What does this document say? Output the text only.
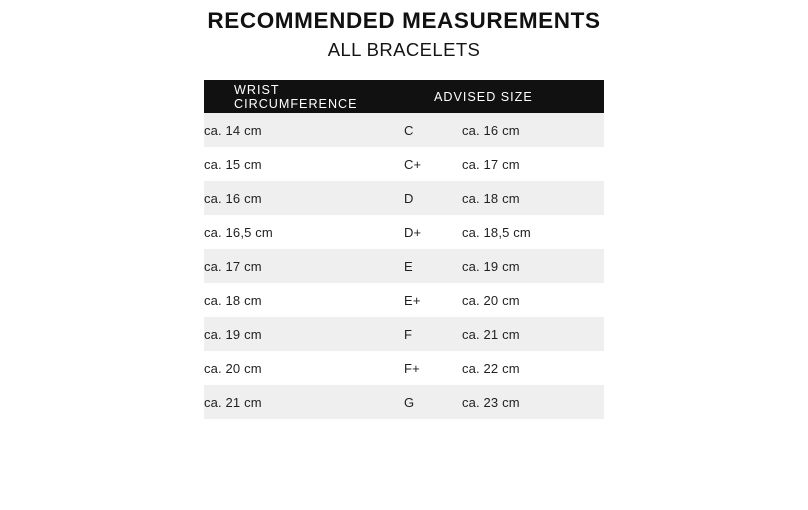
RECOMMENDED MEASUREMENTS
ALL BRACELETS
WRIST CIRCUMFERENCE	ADVISED SIZE	

ca. 14 cm	C	ca. 16 cm
ca. 15 cm	C+	ca. 17 cm
ca. 16 cm	D	ca. 18 cm
ca. 16,5 cm	D+	ca. 18,5 cm
ca. 17 cm	E	ca. 19 cm
ca. 18 cm	E+	ca. 20 cm
ca. 19 cm	F	ca. 21 cm
ca. 20 cm	F+	ca. 22 cm
ca. 21 cm	G	ca. 23 cm
